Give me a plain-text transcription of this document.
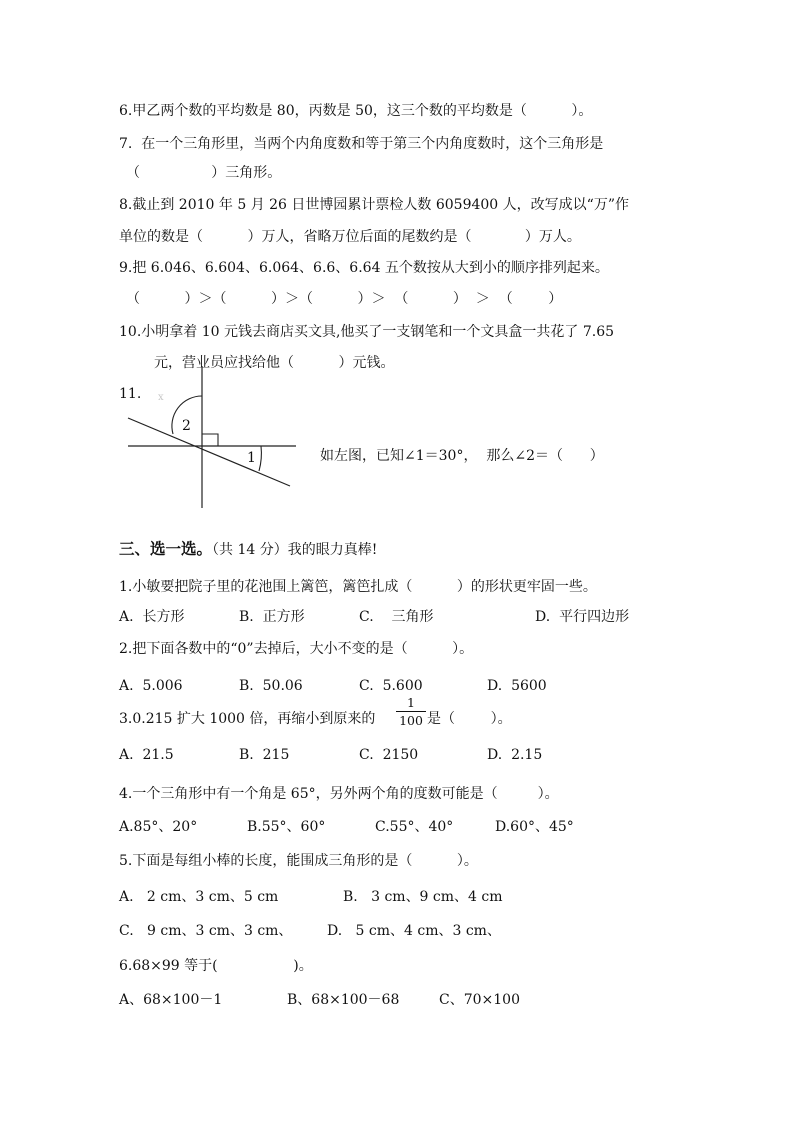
6.甲乙两个数的平均数是 80，丙数是 50，这三个数的平均数是（          ）。
7.  在一个三角形里，当两个内角度数和等于第三个内角度数时，这个三角形是
（                ）三角形。
8.截止到 2010 年 5 月 26 日世博园累计票检人数 6059400 人，改写成以“万”作
单位的数是（          ）万人，省略万位后面的尾数约是（            ）万人。
9.把 6.046、6.604、6.064、6.6、6.64 五个数按从大到小的顺序排列起来。
（          ）＞（          ）＞（          ）＞  （          ）  ＞  （        ）
10.小明拿着 10 元钱去商店买文具,他买了一支钢笔和一个文具盒一共花了 7.65
元，营业员应找给他（          ）元钱。
11.
2
1
x
如左图，已知∠1＝30°，  那么∠2＝（      ）
三、选一选。（共 14 分）我的眼力真棒!
1.小敏要把院子里的花池围上篱笆，篱笆扎成（          ）的形状更牢固一些。
A.  长方形	B.  正方形	C.    三角形	D.  平行四边形
2.把下面各数中的“0”去掉后，大小不变的是（          ）。
A.  5.006	B.  50.06	C.  5.600	D.  5600
3.0.215 扩大 1000 倍，再缩小到原来的
1
100 是（        ）。
A.  21.5	B.  215	C.  2150	D.  2.15
4.一个三角形中有一个角是 65°，另外两个角的度数可能是（         ）。
A.85°、20°	B.55°、60°	C.55°、40°	D.60°、45°
5.下面是每组小棒的长度，能围成三角形的是（          ）。
A.   2 cm、3 cm、5 cm	B.   3 cm、9 cm、4 cm
C.   9 cm、3 cm、3 cm、 D.   5 cm、4 cm、3 cm、
6.68×99 等于(                 )。
A、68×100－1	B、68×100－68	C、70×100
